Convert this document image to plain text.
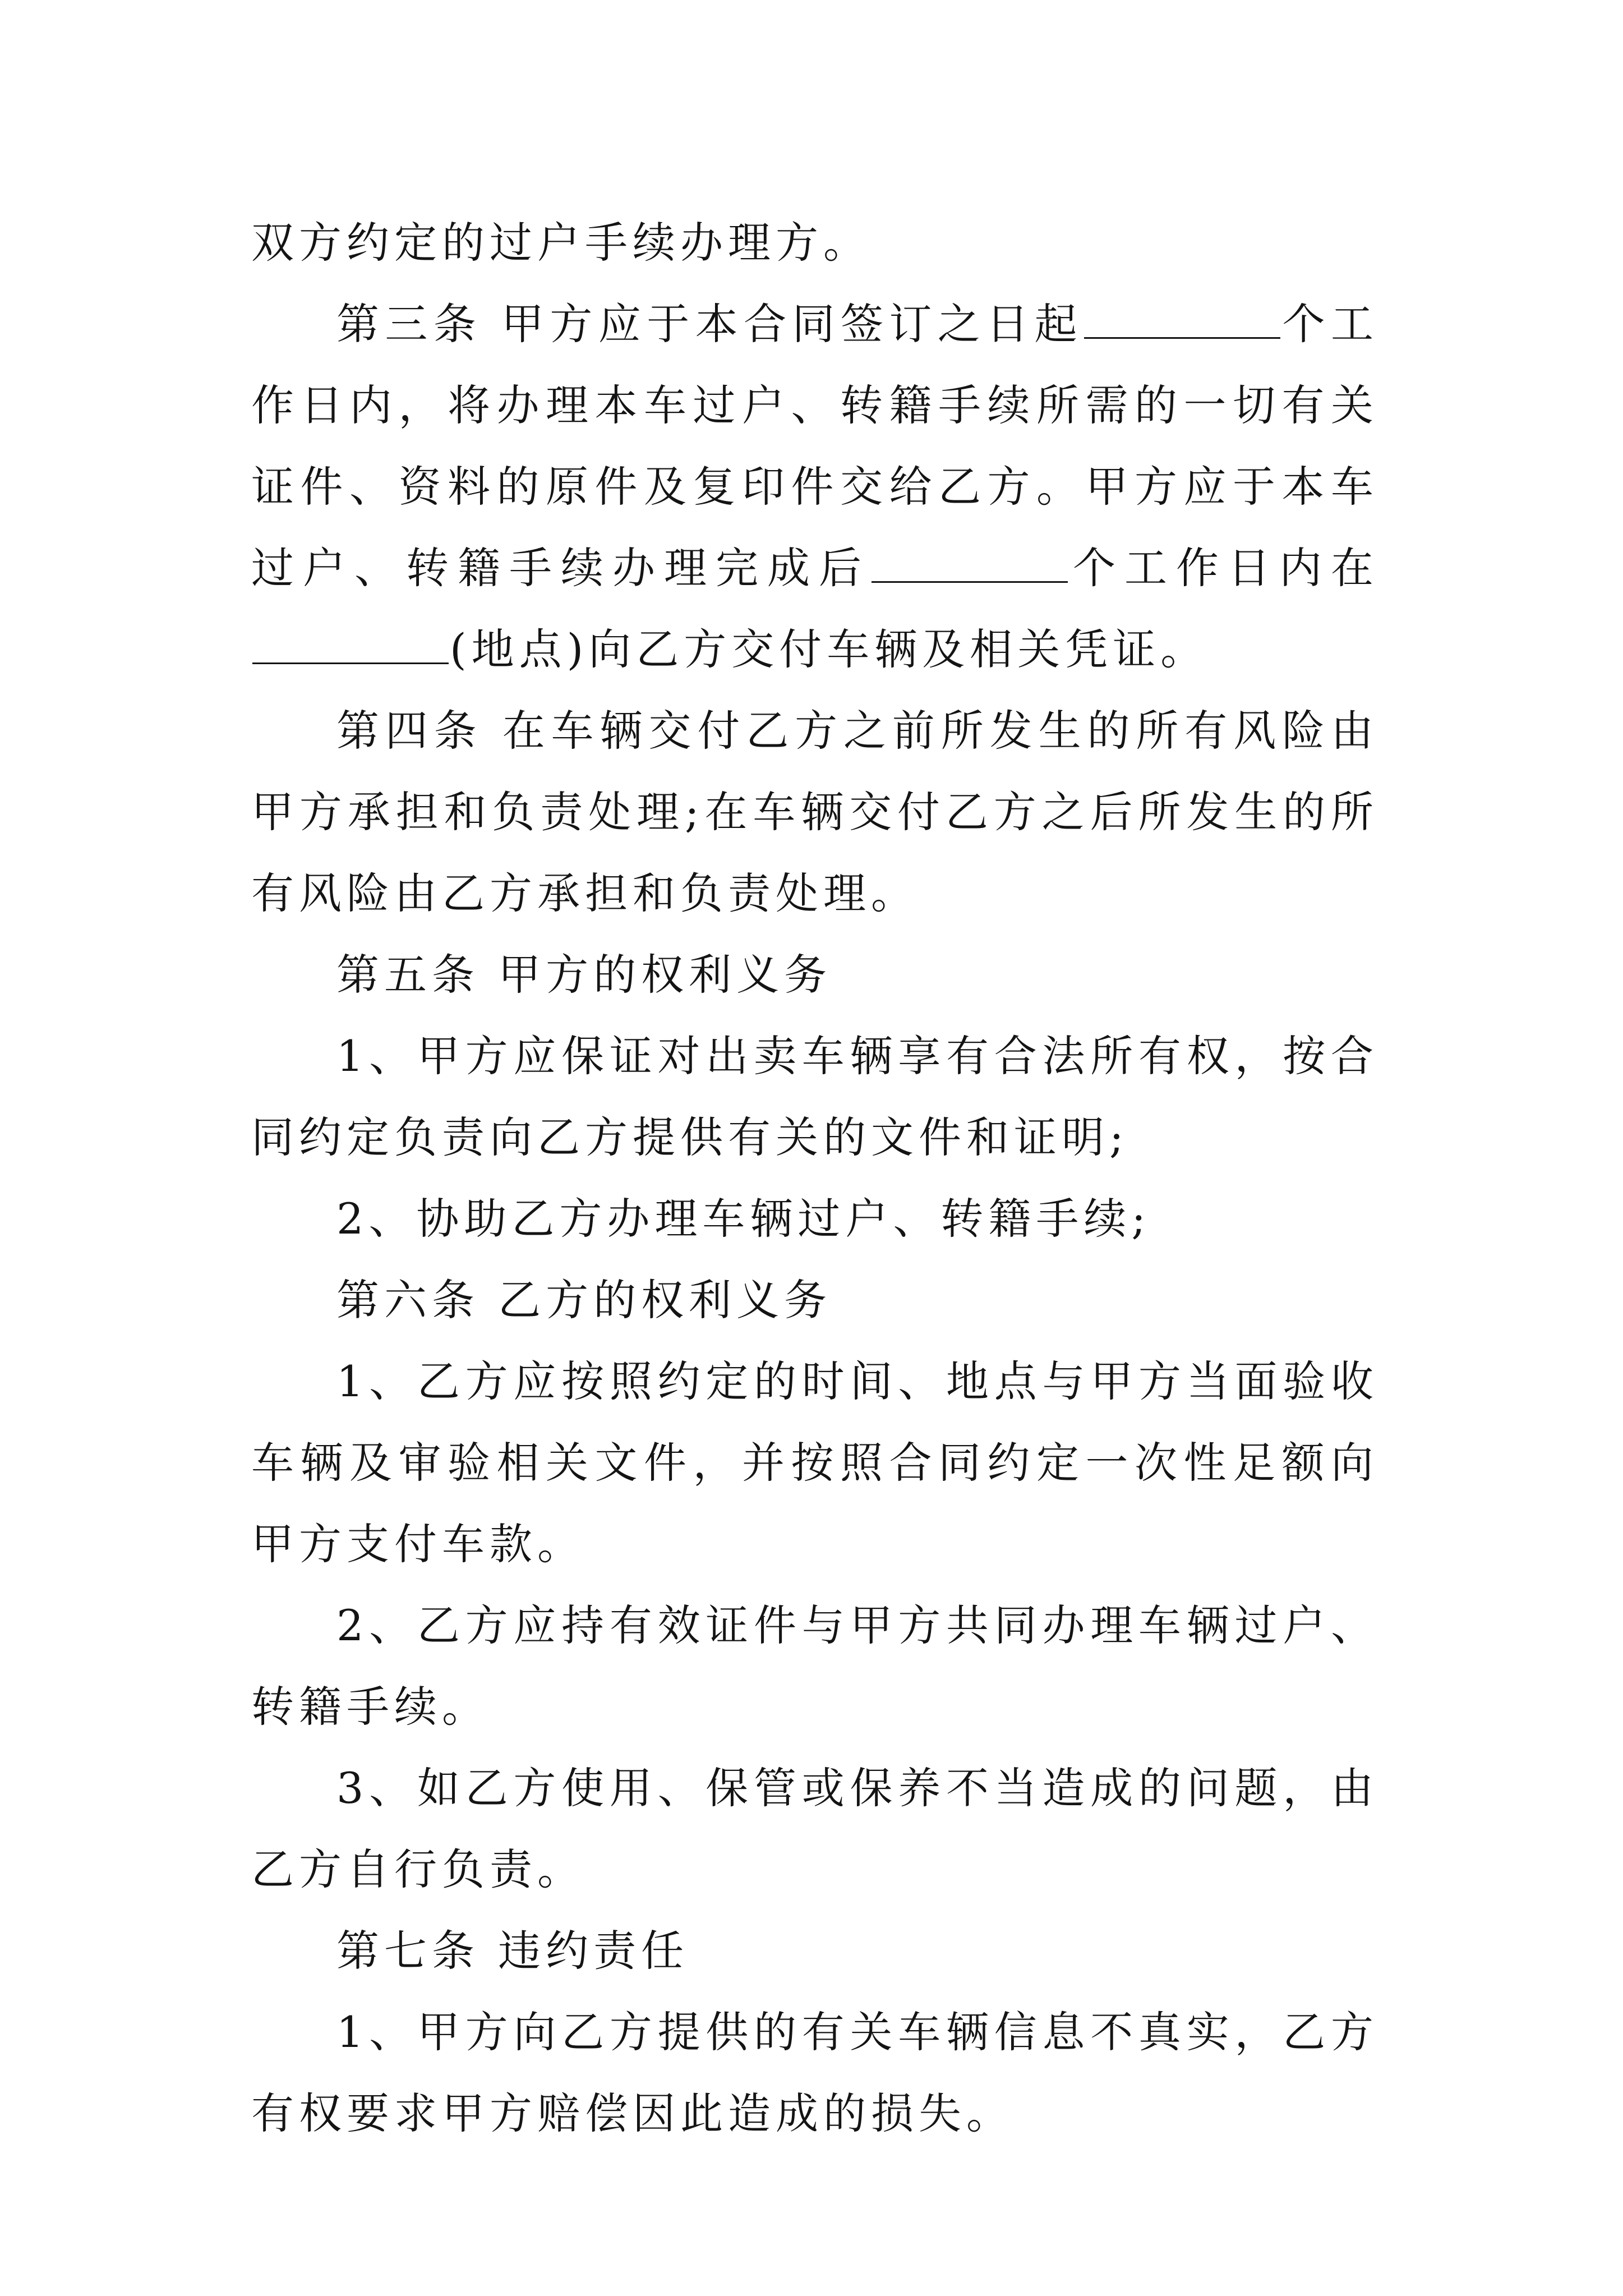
双方约定的过户手续办理方。

第三条 甲方应于本合同签订之日起	个工作日内，将办理本车过户、转籍手续所需的一切有关证件、资料的原件及复印件交给乙方。甲方应于本车过户、转籍手续办理完成后	个工作日内在(地点)向乙方交付车辆及相关凭证。

第四条 在车辆交付乙方之前所发生的所有风险由甲方承担和负责处理;在车辆交付乙方之后所发生的所有风险由乙方承担和负责处理。

第五条 甲方的权利义务

1、甲方应保证对出卖车辆享有合法所有权，按合同约定负责向乙方提供有关的文件和证明;

2、协助乙方办理车辆过户、转籍手续;

第六条 乙方的权利义务

1、乙方应按照约定的时间、地点与甲方当面验收车辆及审验相关文件，并按照合同约定一次性足额向甲方支付车款。

2、乙方应持有效证件与甲方共同办理车辆过户、转籍手续。

3、如乙方使用、保管或保养不当造成的问题，由乙方自行负责。

第七条 违约责任

1、甲方向乙方提供的有关车辆信息不真实，乙方有权要求甲方赔偿因此造成的损失。
